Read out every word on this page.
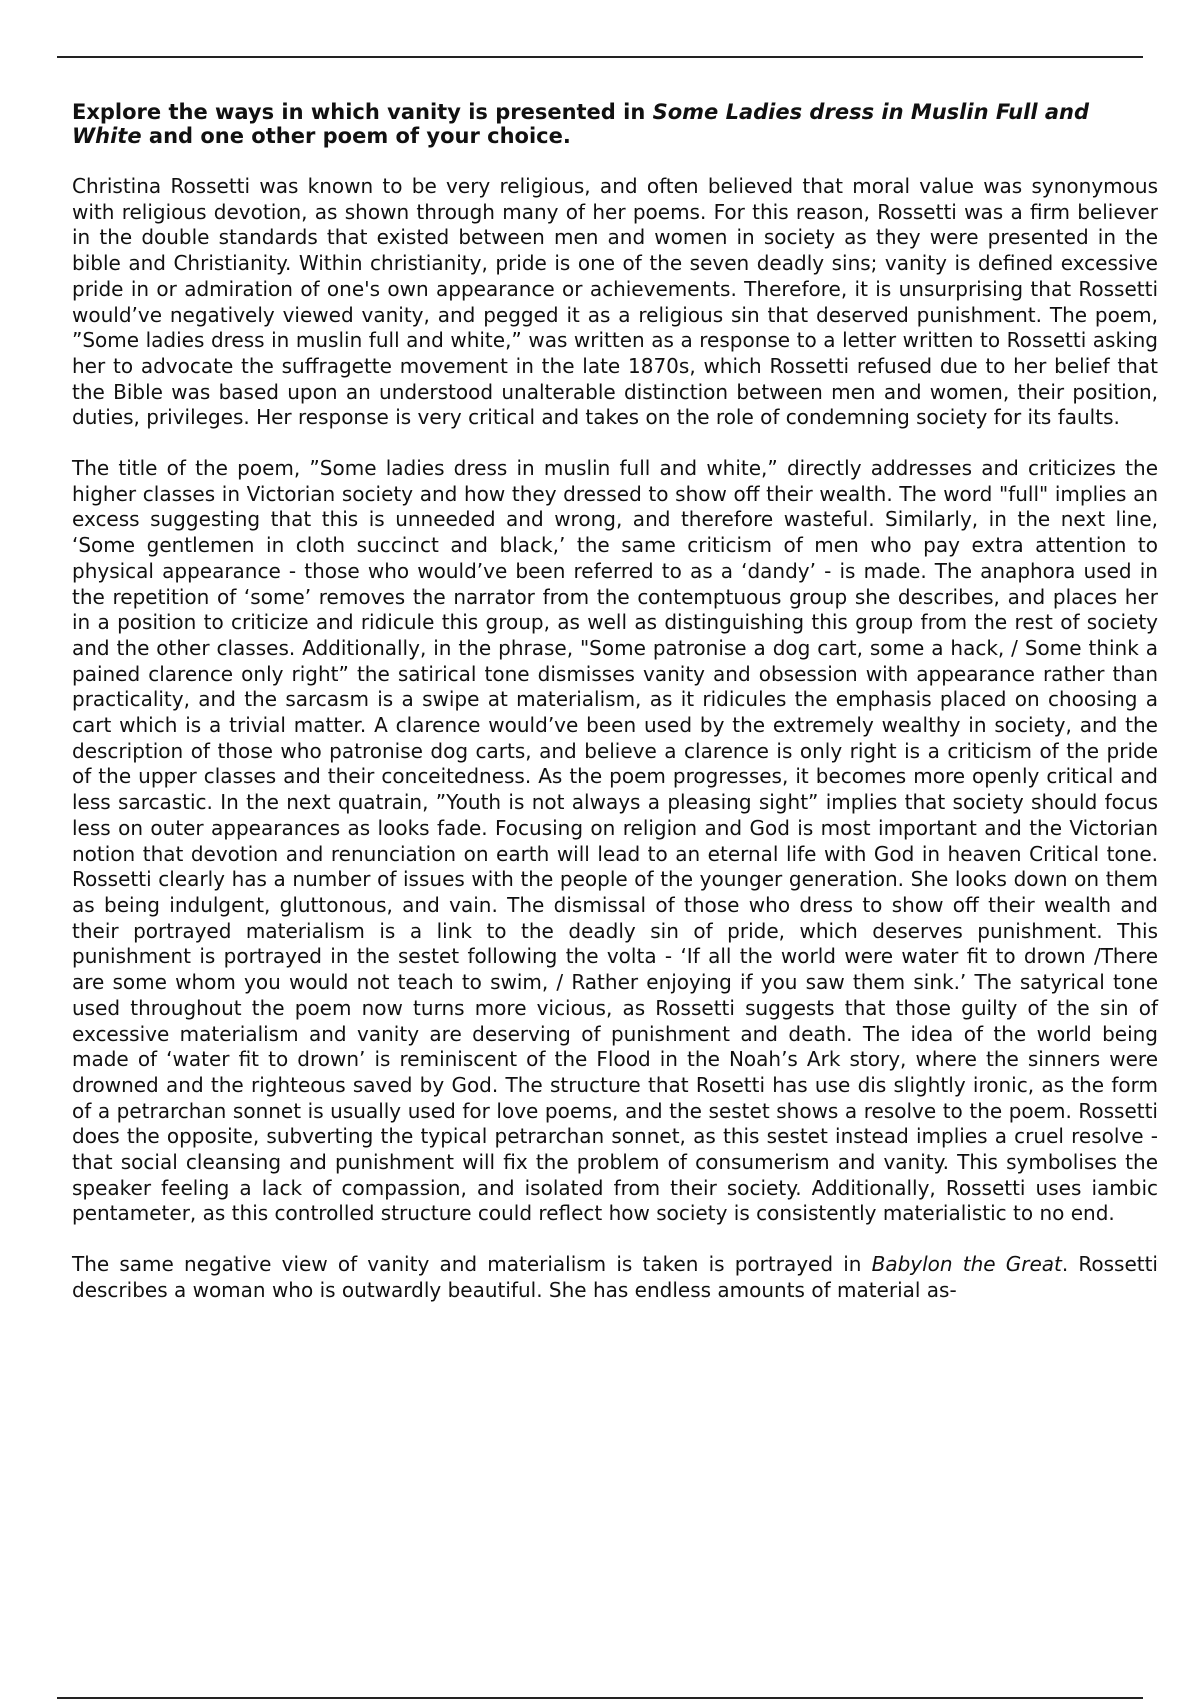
Explore the ways in which vanity is presented in Some Ladies dress in Muslin Full and White and one other poem of your choice.

Christina Rossetti was known to be very religious, and often believed that moral value was synonymous with religious devotion, as shown through many of her poems. For this reason, Rossetti was a firm believer in the double standards that existed between men and women in society as they were presented in the bible and Christianity. Within christianity, pride is one of the seven deadly sins; vanity is defined excessive pride in or admiration of one's own appearance or achievements. Therefore, it is unsurprising that Rossetti would’ve negatively viewed vanity, and pegged it as a religious sin that deserved punishment. The poem, ”Some ladies dress in muslin full and white,” was written as a response to a letter written to Rossetti asking her to advocate the suffragette movement in the late 1870s, which Rossetti refused due to her belief that the Bible was based upon an understood unalterable distinction between men and women, their position, duties, privileges. Her response is very critical and takes on the role of condemning society for its faults.

The title of the poem, ”Some ladies dress in muslin full and white,” directly addresses and criticizes the higher classes in Victorian society and how they dressed to show off their wealth. The word "full" implies an excess suggesting that this is unneeded and wrong, and therefore wasteful. Similarly, in the next line, ‘Some gentlemen in cloth succinct and black,’ the same criticism of men who pay extra attention to physical appearance - those who would’ve been referred to as a ‘dandy’ - is made. The anaphora used in the repetition of ‘some’ removes the narrator from the contemptuous group she describes, and places her in a position to criticize and ridicule this group, as well as distinguishing this group from the rest of society and the other classes. Additionally, in the phrase, "Some patronise a dog cart, some a hack, / Some think a pained clarence only right” the satirical tone dismisses vanity and obsession with appearance rather than practicality, and the sarcasm is a swipe at materialism, as it ridicules the emphasis placed on choosing a cart which is a trivial matter. A clarence would’ve been used by the extremely wealthy in society, and the description of those who patronise dog carts, and believe a clarence is only right is a criticism of the pride of the upper classes and their conceitedness. As the poem progresses, it becomes more openly critical and less sarcastic. In the next quatrain, ”Youth is not always a pleasing sight” implies that society should focus less on outer appearances as looks fade. Focusing on religion and God is most important and the Victorian notion that devotion and renunciation on earth will lead to an eternal life with God in heaven Critical tone. Rossetti clearly has a number of issues with the people of the younger generation. She looks down on them as being indulgent, gluttonous, and vain. The dismissal of those who dress to show off their wealth and their portrayed materialism is a link to the deadly sin of pride, which deserves punishment. This punishment is portrayed in the sestet following the volta - ‘If all the world were water fit to drown /There are some whom you would not teach to swim, / Rather enjoying if you saw them sink.’ The satyrical tone used throughout the poem now turns more vicious, as Rossetti suggests that those guilty of the sin of excessive materialism and vanity are deserving of punishment and death. The idea of the world being made of ‘water fit to drown’ is reminiscent of the Flood in the Noah’s Ark story, where the sinners were drowned and the righteous saved by God. The structure that Rosetti has use dis slightly ironic, as the form of a petrarchan sonnet is usually used for love poems, and the sestet shows a resolve to the poem. Rossetti does the opposite, subverting the typical petrarchan sonnet, as this sestet instead implies a cruel resolve - that social cleansing and punishment will fix the problem of consumerism and vanity. This symbolises the speaker feeling a lack of compassion, and isolated from their society. Additionally, Rossetti uses iambic pentameter, as this controlled structure could reflect how society is consistently materialistic to no end.

The same negative view of vanity and materialism is taken is portrayed in Babylon the Great. Rossetti describes a woman who is outwardly beautiful. She has endless amounts of material as-
